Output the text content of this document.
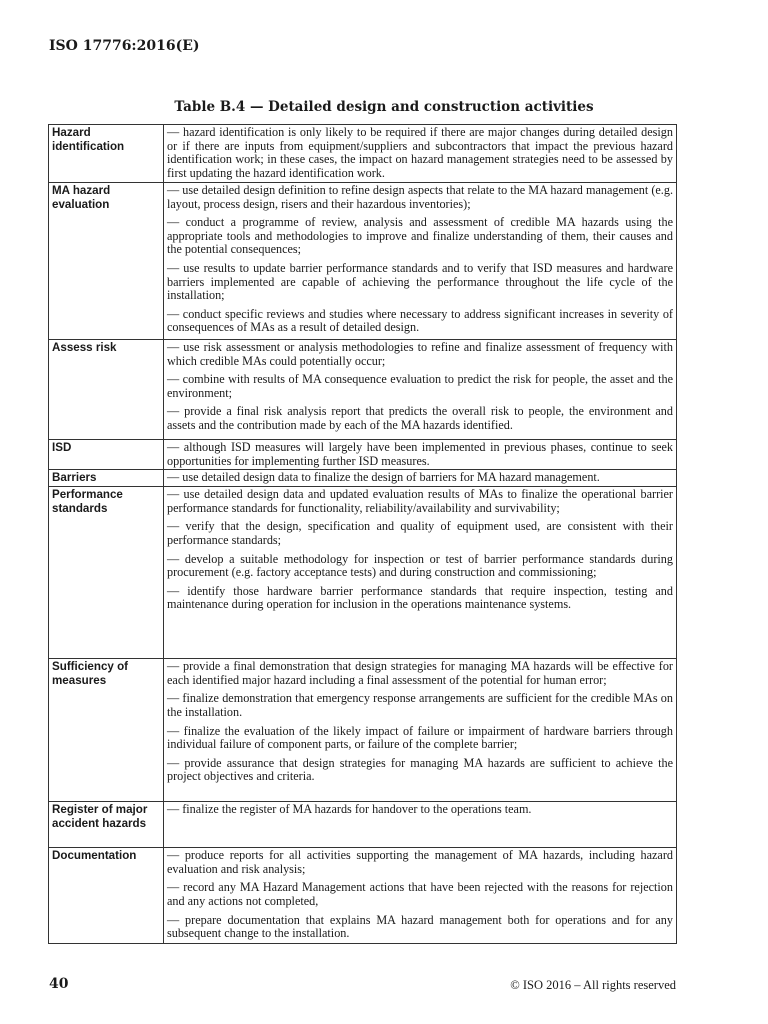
ISO 17776:2016(E)
Table B.4 — Detailed design and construction activities
Hazard identification	— hazard identification is only likely to be required if there are major changes during detailed design or if there are inputs from equipment/suppliers and subcontractors that impact the previous hazard identification work; in these cases, the impact on hazard management strategies need to be assessed by first updating the hazard identification work.

MA hazard evaluation	— use detailed design definition to refine design aspects that relate to the MA hazard management (e.g. layout, process design, risers and their hazardous inventories);
— conduct a programme of review, analysis and assessment of credible MA hazards using the appropriate tools and methodologies to improve and finalize understanding of them, their causes and the potential consequences;
— use results to update barrier performance standards and to verify that ISD measures and hardware barriers implemented are capable of achieving the performance throughout the life cycle of the installation;
— conduct specific reviews and studies where necessary to address significant increases in severity of consequences of MAs as a result of detailed design.

Assess risk	— use risk assessment or analysis methodologies to refine and finalize assessment of frequency with which credible MAs could potentially occur;
— combine with results of MA consequence evaluation to predict the risk for people, the asset and the environment;
— provide a final risk analysis report that predicts the overall risk to people, the environment and assets and the contribution made by each of the MA hazards identified.

ISD	— although ISD measures will largely have been implemented in previous phases, continue to seek opportunities for implementing further ISD measures.

Barriers	— use detailed design data to finalize the design of barriers for MA hazard management.

Performance standards	— use detailed design data and updated evaluation results of MAs to finalize the operational barrier performance standards for functionality, reliability/availability and survivability;
— verify that the design, specification and quality of equipment used, are consistent with their performance standards;
— develop a suitable methodology for inspection or test of barrier performance standards during procurement (e.g. factory acceptance tests) and during construction and commissioning;
— identify those hardware barrier performance standards that require inspection, testing and maintenance during operation for inclusion in the operations maintenance systems.

Sufficiency of measures	— provide a final demonstration that design strategies for managing MA hazards will be effective for each identified major hazard including a final assessment of the potential for human error;
— finalize demonstration that emergency response arrangements are sufficient for the credible MAs on the installation.
— finalize the evaluation of the likely impact of failure or impairment of hardware barriers through individual failure of component parts, or failure of the complete barrier;
— provide assurance that design strategies for managing MA hazards are sufficient to achieve the project objectives and criteria.

Register of major accident hazards	— finalize the register of MA hazards for handover to the operations team.

Documentation	— produce reports for all activities supporting the management of MA hazards, including hazard evaluation and risk analysis;
— record any MA Hazard Management actions that have been rejected with the reasons for rejection and any actions not completed,
— prepare documentation that explains MA hazard management both for operations and for any subsequent change to the installation.
40	© ISO 2016 – All rights reserved
